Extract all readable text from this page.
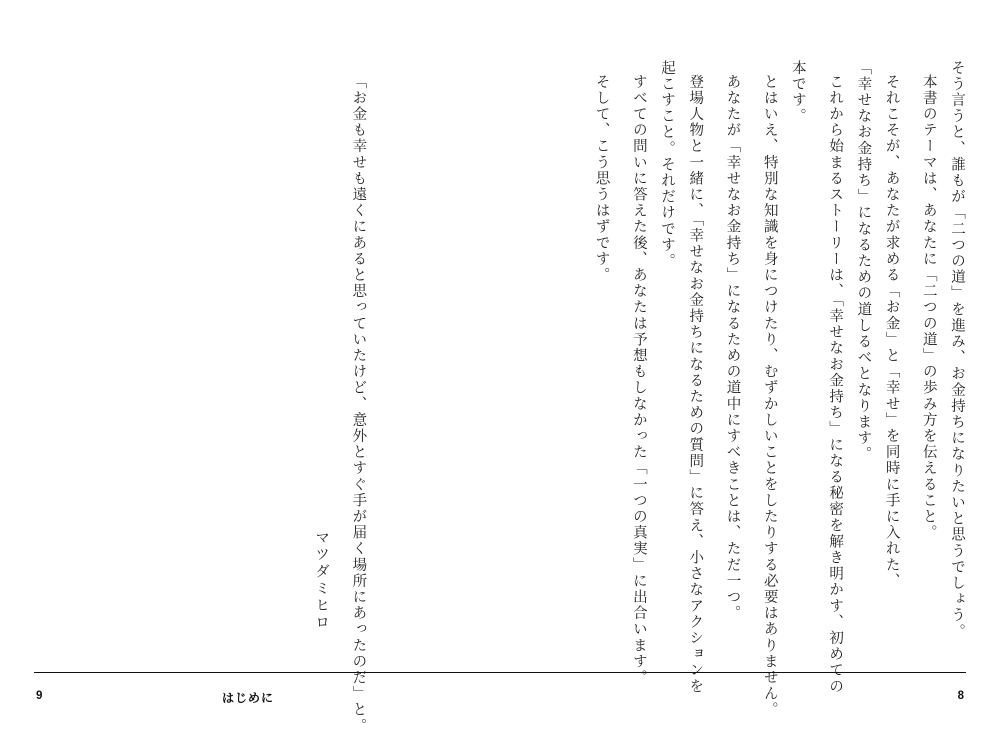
そう言うと、誰もが「二つの道」を進み、お金持ちになりたいと思うでしょう。
本書のテーマは、あなたに「二つの道」の歩み方を伝えること。
それこそが、あなたが求める「お金」と「幸せ」を同時に手に入れた、
「幸せなお金持ち」になるための道しるべとなります。
これから始まるストーリーは、「幸せなお金持ち」になる秘密を解き明かす、初めての
本です。
とはいえ、特別な知識を身につけたり、むずかしいことをしたりする必要はありません。
あなたが「幸せなお金持ち」になるための道中にすべきことは、ただ一つ。
登場人物と一緒に、「幸せなお金持ちになるための質問」に答え、小さなアクションを
起こすこと。それだけです。
すべての問いに答えた後、あなたは予想もしなかった「一つの真実」に出合います。
そして、こう思うはずです。
「お金も幸せも遠くにあると思っていたけど、意外とすぐ手が届く場所にあったのだ」と。
マツダミヒロ
9	はじめに	8
